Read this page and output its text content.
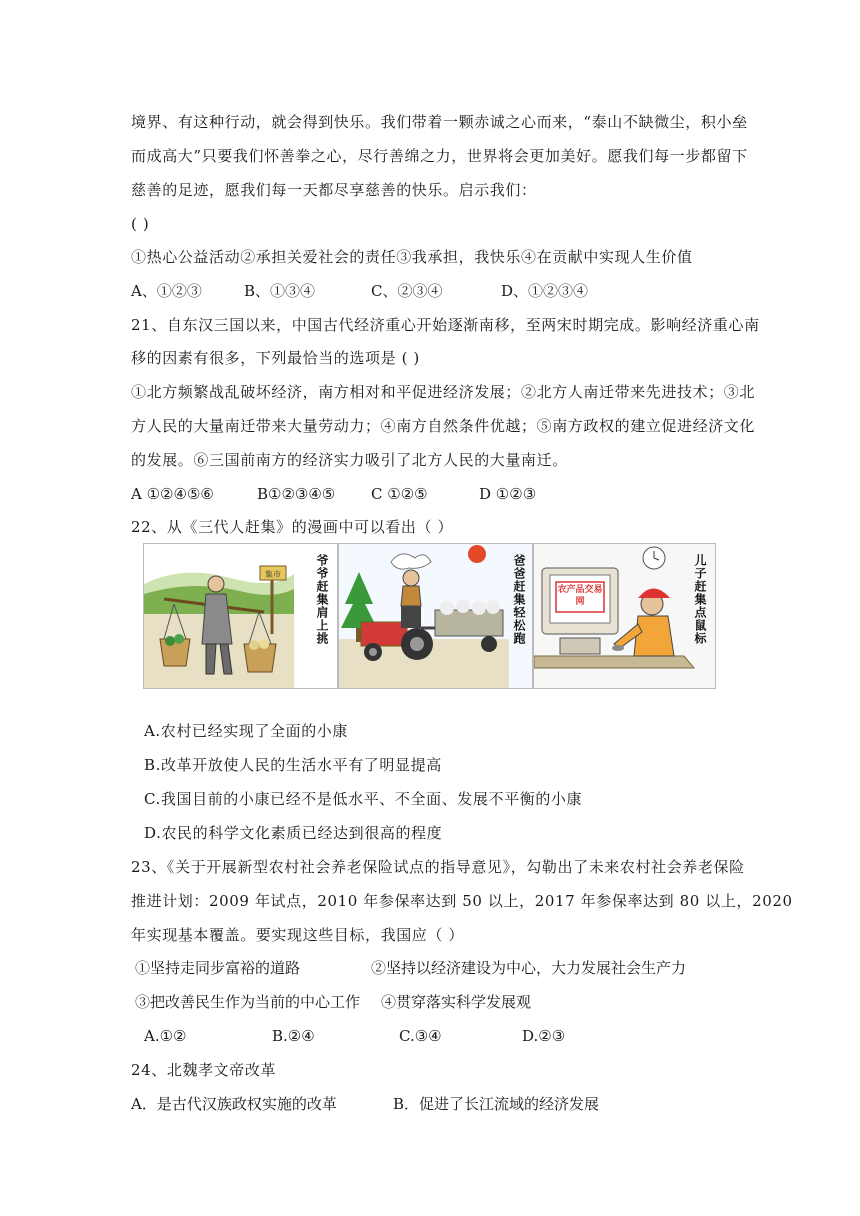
境界、有这种行动，就会得到快乐。我们带着一颗赤诚之心而来，“泰山不缺微尘，积小垒
而成高大”只要我们怀善拳之心，尽行善绵之力，世界将会更加美好。愿我们每一步都留下
慈善的足迹，愿我们每一天都尽享慈善的快乐。启示我们：
( )
①热心公益活动②承担关爱社会的责任③我承担，我快乐④在贡献中实现人生价值
A、①②③	B、①③④	C、②③④	D、①②③④
21、自东汉三国以来，中国古代经济重心开始逐渐南移，至两宋时期完成。影响经济重心南
移的因素有很多，下列最恰当的选项是 ( )
①北方频繁战乱破坏经济，南方相对和平促进经济发展；②北方人南迁带来先进技术；③北
方人民的大量南迁带来大量劳动力；④南方自然条件优越；⑤南方政权的建立促进经济文化
的发展。⑥三国前南方的经济实力吸引了北方人民的大量南迁。
A ①②④⑤⑥	B①②③④⑤ C ①②⑤	D ①②③
22、从《三代人赶集》的漫画中可以看出（ ）
集市	爷爷赶集肩上挑	爸爸赶集轻松跑	农产品交易网	儿子赶集点鼠标
A.农村已经实现了全面的小康
B.改革开放使人民的生活水平有了明显提高
C.我国目前的小康已经不是低水平、不全面、发展不平衡的小康
D.农民的科学文化素质已经达到很高的程度
23、《关于开展新型农村社会养老保险试点的指导意见》，勾勒出了未来农村社会养老保险
推进计划：2009 年试点，2010 年参保率达到 50 以上，2017 年参保率达到 80 以上，2020
年实现基本覆盖。要实现这些目标，我国应（ ）
①坚持走同步富裕的道路	②坚持以经济建设为中心，大力发展社会生产力
③把改善民生作为当前的中心工作 ④贯穿落实科学发展观
A.①②	B.②④	C.③④	D.②③
24、北魏孝文帝改革
A．是古代汉族政权实施的改革	B．促进了长江流域的经济发展
